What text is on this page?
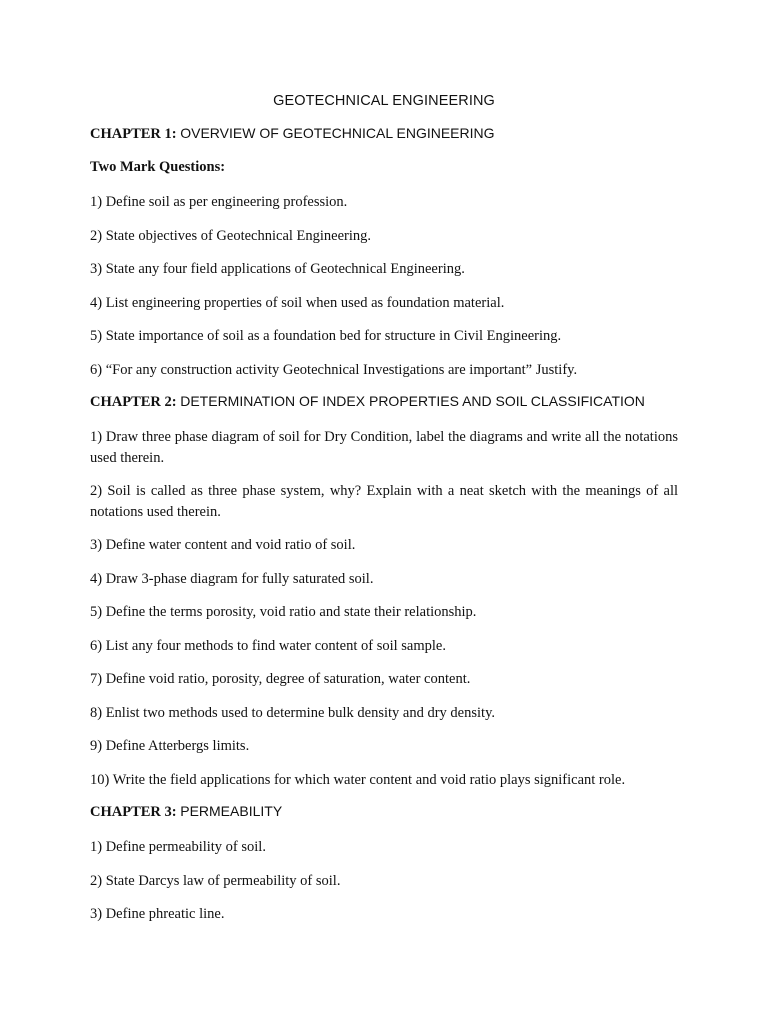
GEOTECHNICAL ENGINEERING
CHAPTER 1: OVERVIEW OF GEOTECHNICAL ENGINEERING
Two Mark Questions:

1) Define soil as per engineering profession.

2) State objectives of Geotechnical Engineering.

3) State any four field applications of Geotechnical Engineering.

4) List engineering properties of soil when used as foundation material.

5) State importance of soil as a foundation bed for structure in Civil Engineering.

6) “For any construction activity Geotechnical Investigations are important” Justify.

CHAPTER 2: DETERMINATION OF INDEX PROPERTIES AND SOIL CLASSIFICATION

1) Draw three phase diagram of soil for Dry Condition, label the diagrams and write all the notations used therein.

2) Soil is called as three phase system, why? Explain with a neat sketch with the meanings of all notations used therein.

3) Define water content and void ratio of soil.

4) Draw 3-phase diagram for fully saturated soil.

5) Define the terms porosity, void ratio and state their relationship.

6) List any four methods to find water content of soil sample.

7) Define void ratio, porosity, degree of saturation, water content.

8) Enlist two methods used to determine bulk density and dry density.

9) Define Atterbergs limits.

10) Write the field applications for which water content and void ratio plays significant role.

CHAPTER 3: PERMEABILITY

1) Define permeability of soil.

2) State Darcys law of permeability of soil.

3) Define phreatic line.
